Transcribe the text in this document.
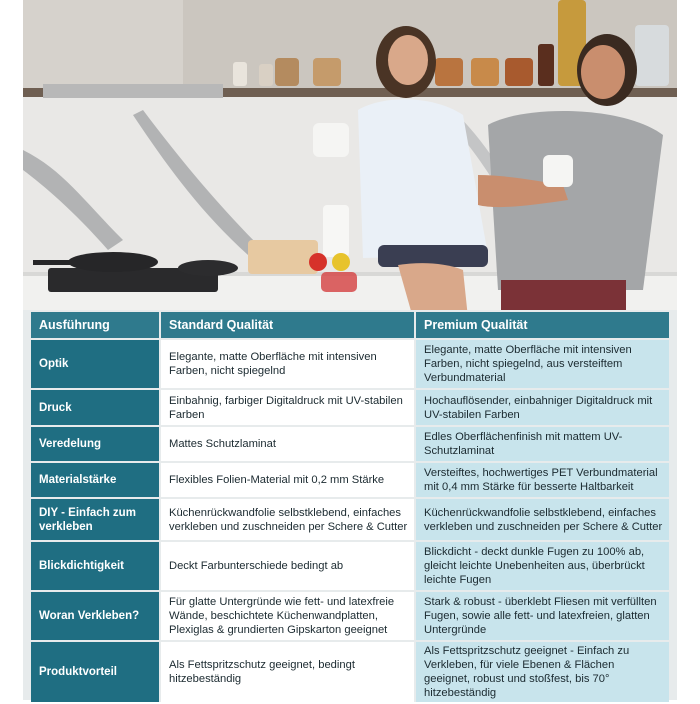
Ausführung	Standard Qualität	Premium Qualität
Optik	Elegante, matte Oberfläche mit intensiven Farben, nicht spiegelnd	Elegante, matte Oberfläche mit intensiven Farben, nicht spiegelnd, aus versteiftem Verbundmaterial
Druck	Einbahnig, farbiger Digitaldruck mit UV-stabilen Farben	Hochauflösender, einbahniger Digitaldruck mit UV-stabilen Farben
Veredelung	Mattes Schutzlaminat	Edles Oberflächenfinish mit mattem UV-Schutzlaminat
Materialstärke	Flexibles Folien-Material mit 0,2 mm Stärke	Versteiftes, hochwertiges PET Verbundmaterial mit 0,4 mm Stärke für besserte Haltbarkeit
DIY - Einfach zum verkleben	Küchenrückwandfolie selbstklebend, einfaches verkleben und zuschneiden per Schere & Cutter	Küchenrückwandfolie selbstklebend, einfaches verkleben und zuschneiden per Schere & Cutter
Blickdichtigkeit	Deckt Farbunterschiede bedingt ab	Blickdicht - deckt dunkle Fugen zu 100% ab, gleicht leichte Unebenheiten aus, überbrückt leichte Fugen
Woran Verkleben?	Für glatte Untergründe wie fett- und latexfreie Wände, beschichtete Küchenwandplatten, Plexiglas & grundierten Gipskarton geeignet	Stark & robust - überklebt Fliesen mit verfüllten Fugen, sowie alle fett- und latexfreien, glatten Untergründe
Produktvorteil	Als Fettspritzschutz geeignet, bedingt hitzebeständig	Als Fettspritzschutz geeignet - Einfach zu Verkleben, für viele Ebenen & Flächen geeignet, robust und stoßfest, bis 70° hitzebeständig
